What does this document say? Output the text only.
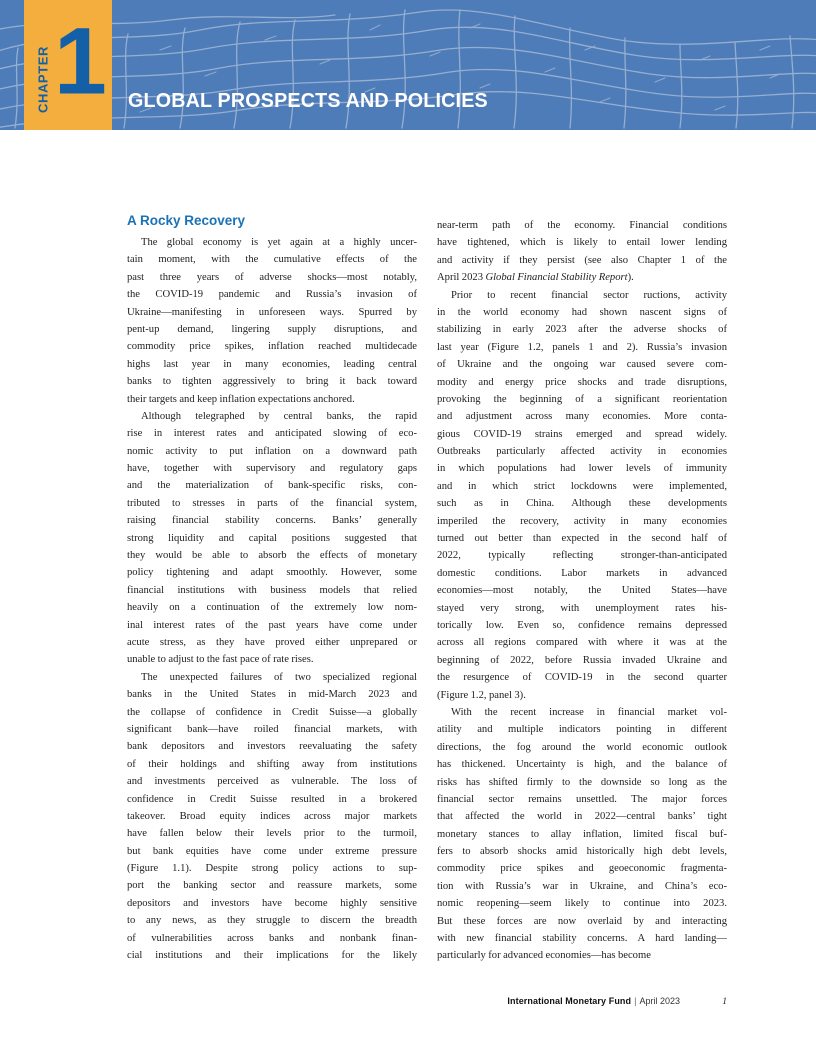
CHAPTER 1 GLOBAL PROSPECTS AND POLICIES
A Rocky Recovery
The global economy is yet again at a highly uncer-
tain moment, with the cumulative effects of the
past three years of adverse shocks—most notably,
the COVID-19 pandemic and Russia’s invasion of
Ukraine—manifesting in unforeseen ways. Spurred by
pent-up demand, lingering supply disruptions, and
commodity price spikes, inflation reached multidecade
highs last year in many economies, leading central
banks to tighten aggressively to bring it back toward
their targets and keep inflation expectations anchored.
Although telegraphed by central banks, the rapid
rise in interest rates and anticipated slowing of eco-
nomic activity to put inflation on a downward path
have, together with supervisory and regulatory gaps
and the materialization of bank-specific risks, con-
tributed to stresses in parts of the financial system,
raising financial stability concerns. Banks’ generally
strong liquidity and capital positions suggested that
they would be able to absorb the effects of monetary
policy tightening and adapt smoothly. However, some
financial institutions with business models that relied
heavily on a continuation of the extremely low nom-
inal interest rates of the past years have come under
acute stress, as they have proved either unprepared or
unable to adjust to the fast pace of rate rises.
The unexpected failures of two specialized regional
banks in the United States in mid-March 2023 and
the collapse of confidence in Credit Suisse—a globally
significant bank—have roiled financial markets, with
bank depositors and investors reevaluating the safety
of their holdings and shifting away from institutions
and investments perceived as vulnerable. The loss of
confidence in Credit Suisse resulted in a brokered
takeover. Broad equity indices across major markets
have fallen below their levels prior to the turmoil,
but bank equities have come under extreme pressure
(Figure 1.1). Despite strong policy actions to sup-
port the banking sector and reassure markets, some
depositors and investors have become highly sensitive
to any news, as they struggle to discern the breadth
of vulnerabilities across banks and nonbank finan-
cial institutions and their implications for the likely
near-term path of the economy. Financial conditions
have tightened, which is likely to entail lower lending
and activity if they persist (see also Chapter 1 of the
April 2023 Global Financial Stability Report).
Prior to recent financial sector ructions, activity
in the world economy had shown nascent signs of
stabilizing in early 2023 after the adverse shocks of
last year (Figure 1.2, panels 1 and 2). Russia’s invasion
of Ukraine and the ongoing war caused severe com-
modity and energy price shocks and trade disruptions,
provoking the beginning of a significant reorientation
and adjustment across many economies. More conta-
gious COVID-19 strains emerged and spread widely.
Outbreaks particularly affected activity in economies
in which populations had lower levels of immunity
and in which strict lockdowns were implemented,
such as in China. Although these developments
imperiled the recovery, activity in many economies
turned out better than expected in the second half of
2022, typically reflecting stronger-than-anticipated
domestic conditions. Labor markets in advanced
economies—most notably, the United States—have
stayed very strong, with unemployment rates his-
torically low. Even so, confidence remains depressed
across all regions compared with where it was at the
beginning of 2022, before Russia invaded Ukraine and
the resurgence of COVID-19 in the second quarter
(Figure 1.2, panel 3).
With the recent increase in financial market vol-
atility and multiple indicators pointing in different
directions, the fog around the world economic outlook
has thickened. Uncertainty is high, and the balance of
risks has shifted firmly to the downside so long as the
financial sector remains unsettled. The major forces
that affected the world in 2022—central banks’ tight
monetary stances to allay inflation, limited fiscal buf-
fers to absorb shocks amid historically high debt levels,
commodity price spikes and geoeconomic fragmenta-
tion with Russia’s war in Ukraine, and China’s eco-
nomic reopening—seem likely to continue into 2023.
But these forces are now overlaid by and interacting
with new financial stability concerns. A hard landing—
particularly for advanced economies—has become
International Monetary Fund | April 2023	1
